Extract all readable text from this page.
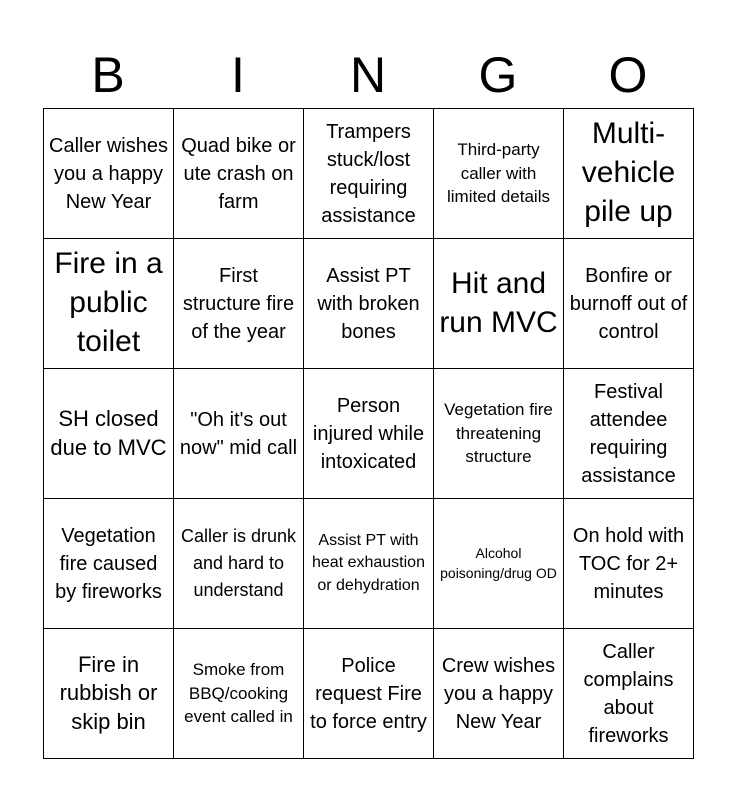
B	I	N	G	O
Caller wishes you a happy New Year	Quad bike or ute crash on farm	Trampers stuck/lost requiring assistance	Third-party caller with limited details	Multi-vehicle pile up
Fire in a public toilet	First structure fire of the year	Assist PT with broken bones	Hit and run MVC	Bonfire or burnoff out of control
SH closed due to MVC	"Oh it's out now" mid call	Person injured while intoxicated	Vegetation fire threatening structure	Festival attendee requiring assistance
Vegetation fire caused by fireworks	Caller is drunk and hard to understand	Assist PT with heat exhaustion or dehydration	Alcohol poisoning/drug OD	On hold with TOC for 2+ minutes
Fire in rubbish or skip bin	Smoke from BBQ/cooking event called in	Police request Fire to force entry	Crew wishes you a happy New Year	Caller complains about fireworks
